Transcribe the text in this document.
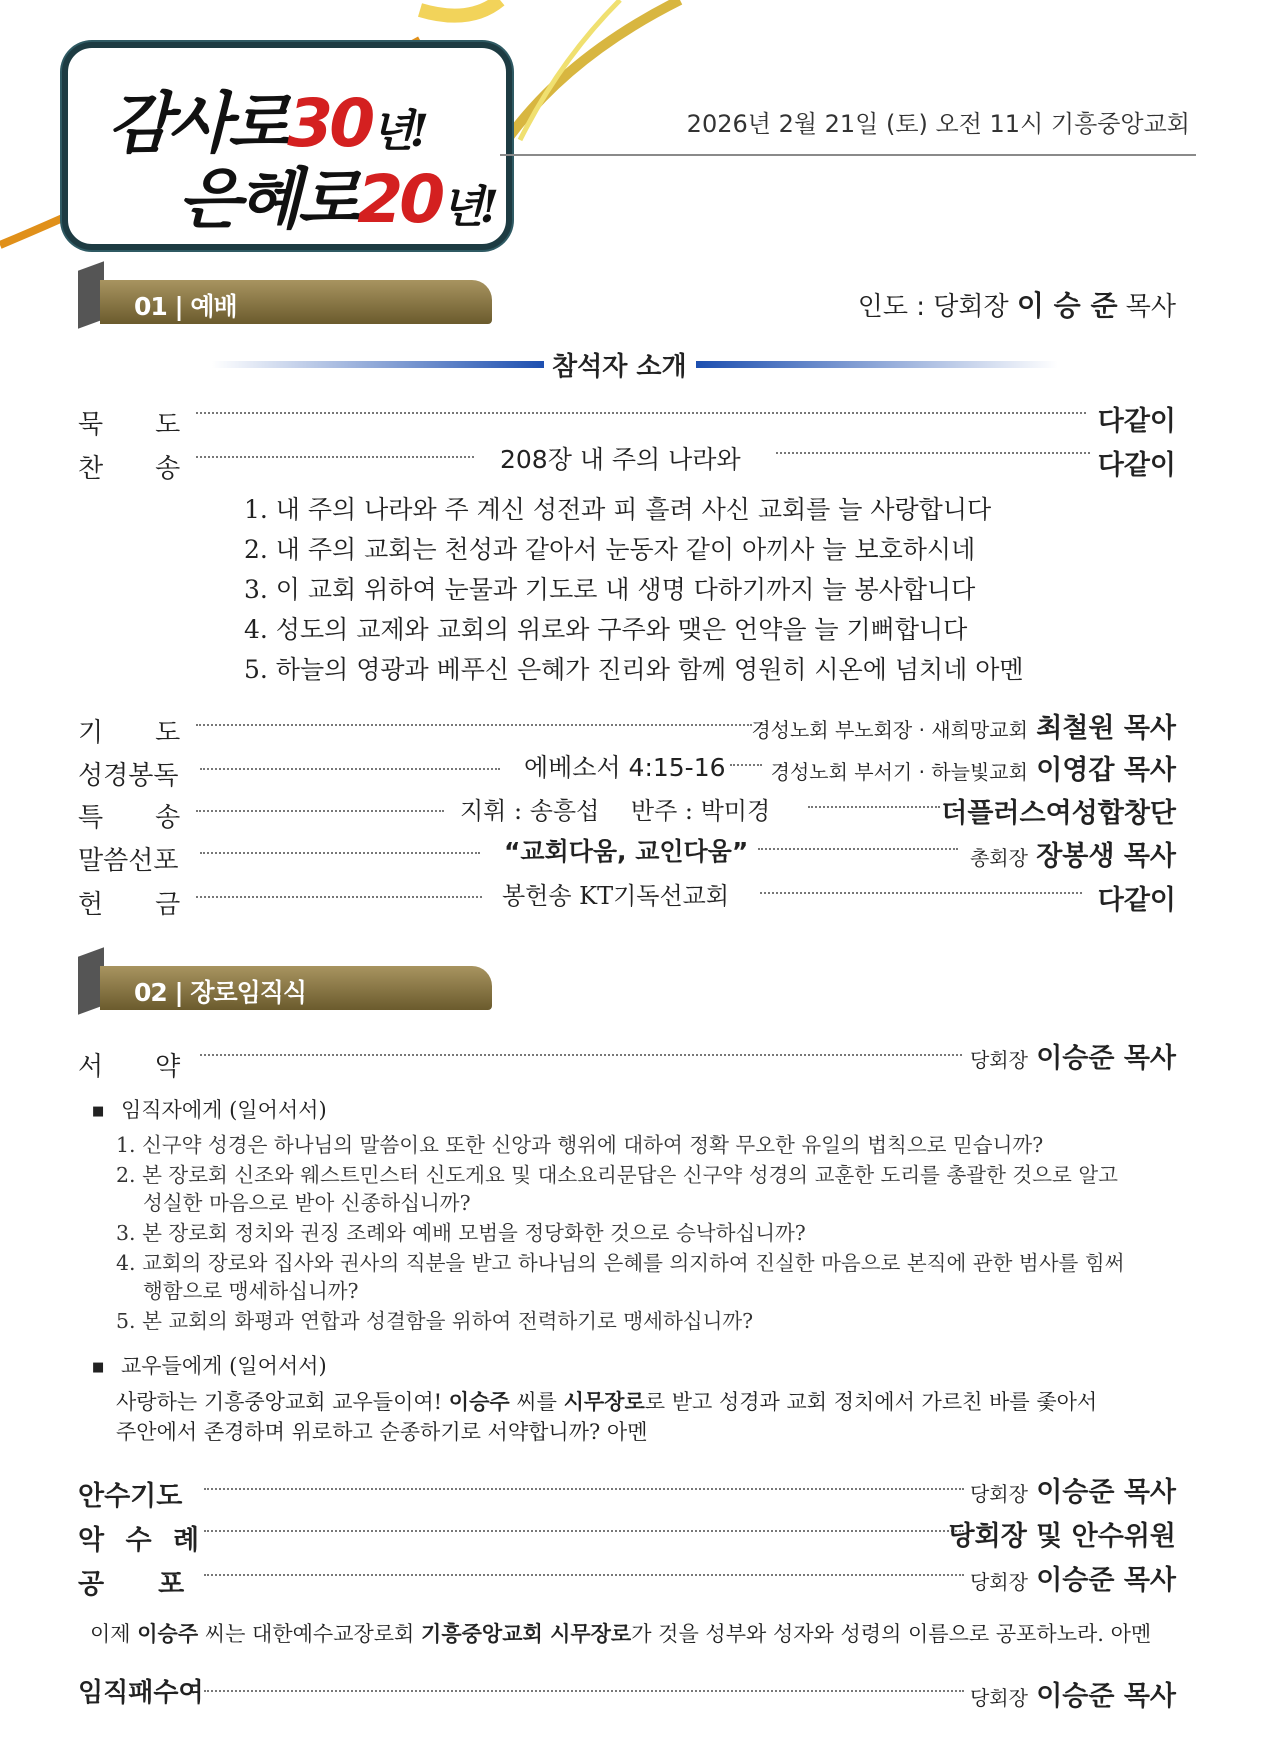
감사로30년!
은혜로20년!
2026년 2월 21일 (토) 오전 11시 기흥중앙교회
01 | 예배	인도 : 당회장 이 승 준 목사
참석자 소개
묵　　도	다같이
찬　　송	208장 내 주의 나라와	다같이
1. 내 주의 나라와 주 계신 성전과 피 흘려 사신 교회를 늘 사랑합니다
2. 내 주의 교회는 천성과 같아서 눈동자 같이 아끼사 늘 보호하시네
3. 이 교회 위하여 눈물과 기도로 내 생명 다하기까지 늘 봉사합니다
4. 성도의 교제와 교회의 위로와 구주와 맺은 언약을 늘 기뻐합니다
5. 하늘의 영광과 베푸신 은혜가 진리와 함께 영원히 시온에 넘치네 아멘
기　　도	경성노회 부노회장 · 새희망교회 최철원 목사
성경봉독	에베소서 4:15-16 경성노회 부서기 · 하늘빛교회 이영갑 목사
특　　송	지휘 : 송흥섭　 반주 : 박미경	더플러스여성합창단
말씀선포	“교회다움, 교인다움”	총회장 장봉생 목사
헌　　금	봉헌송 KT기독선교회	다같이
02 | 장로임직식
서　　약	당회장 이승준 목사
■ 임직자에게 (일어서서)
1. 신구약 성경은 하나님의 말씀이요 또한 신앙과 행위에 대하여 정확 무오한 유일의 법칙으로 믿습니까?
2. 본 장로회 신조와 웨스트민스터 신도게요 및 대소요리문답은 신구약 성경의 교훈한 도리를 총괄한 것으로 알고
　 성실한 마음으로 받아 신종하십니까?
3. 본 장로회 정치와 권징 조례와 예배 모범을 정당화한 것으로 승낙하십니까?
4. 교회의 장로와 집사와 권사의 직분을 받고 하나님의 은혜를 의지하여 진실한 마음으로 본직에 관한 범사를 힘써
　 행함으로 맹세하십니까?
5. 본 교회의 화평과 연합과 성결함을 위하여 전력하기로 맹세하십니까?
■ 교우들에게 (일어서서)
사랑하는 기흥중앙교회 교우들이여! 이승주 씨를 시무장로로 받고 성경과 교회 정치에서 가르친 바를 좇아서
주안에서 존경하며 위로하고 순종하기로 서약합니까? 아멘
안수기도	당회장 이승준 목사
악 수 례	당회장 및 안수위원
공　　포	당회장 이승준 목사
이제 이승주 씨는 대한예수교장로회 기흥중앙교회 시무장로가 것을 성부와 성자와 성령의 이름으로 공포하노라. 아멘
임직패수여	당회장 이승준 목사
